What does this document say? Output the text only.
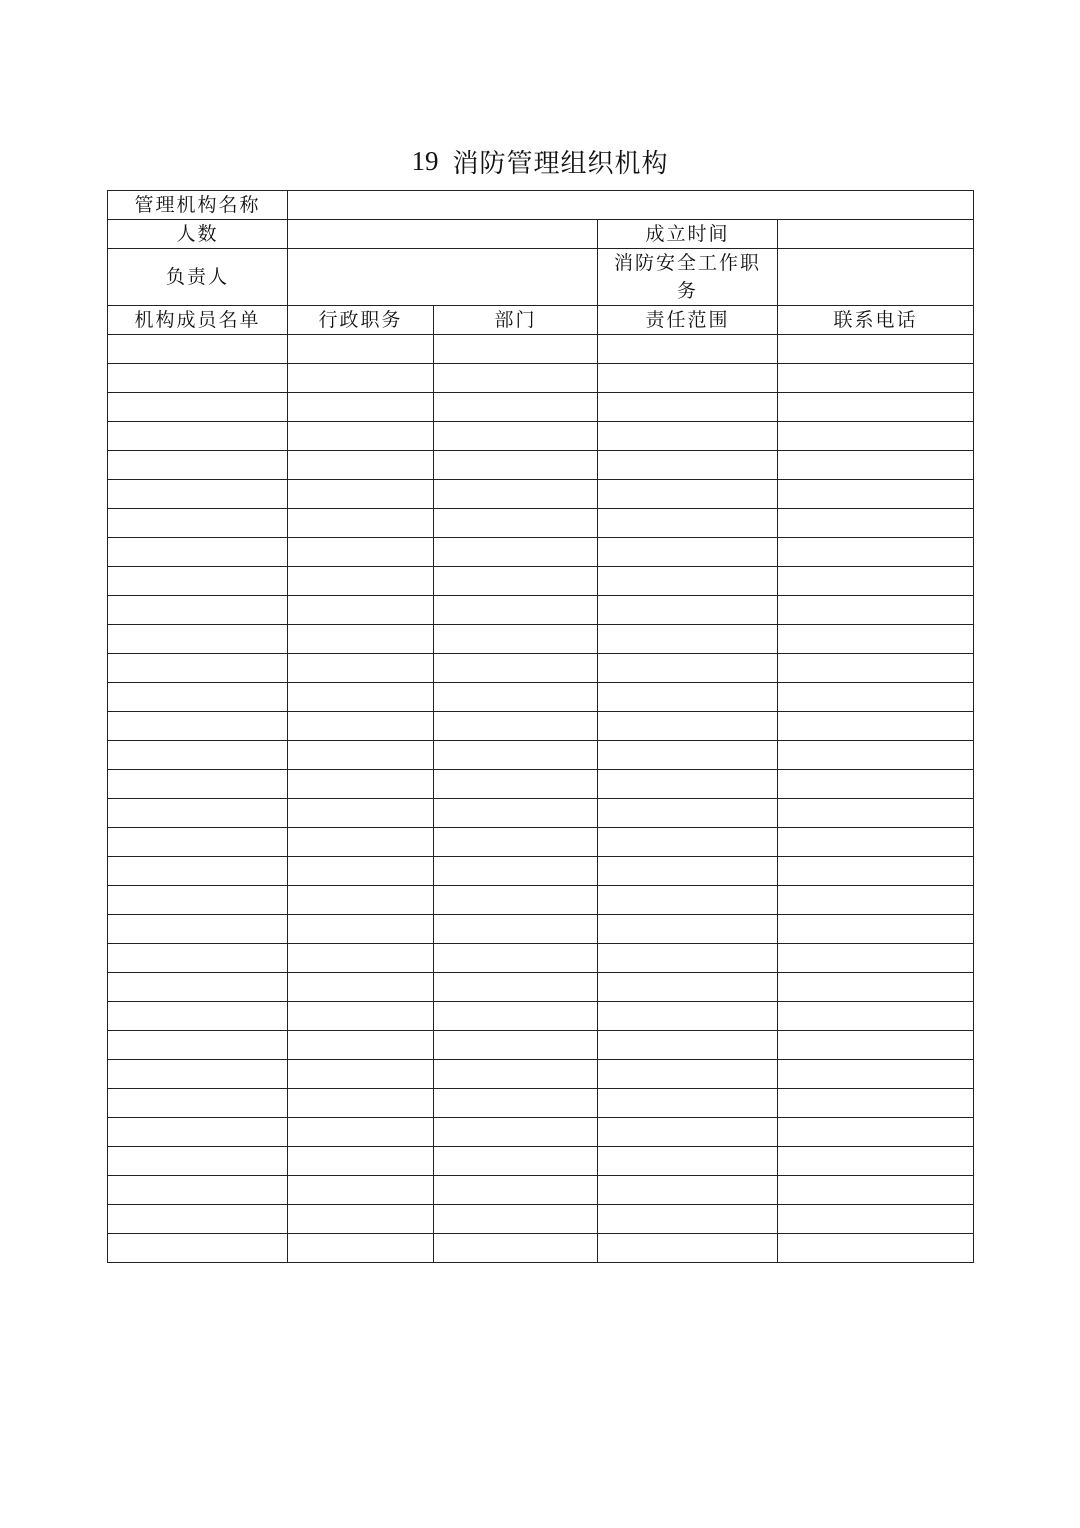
19 消防管理组织机构
管理机构名称				
人数			成立时间	
负责人			消防安全工作职务	

机构成员名单	行政职务	部门	责任范围	联系电话
